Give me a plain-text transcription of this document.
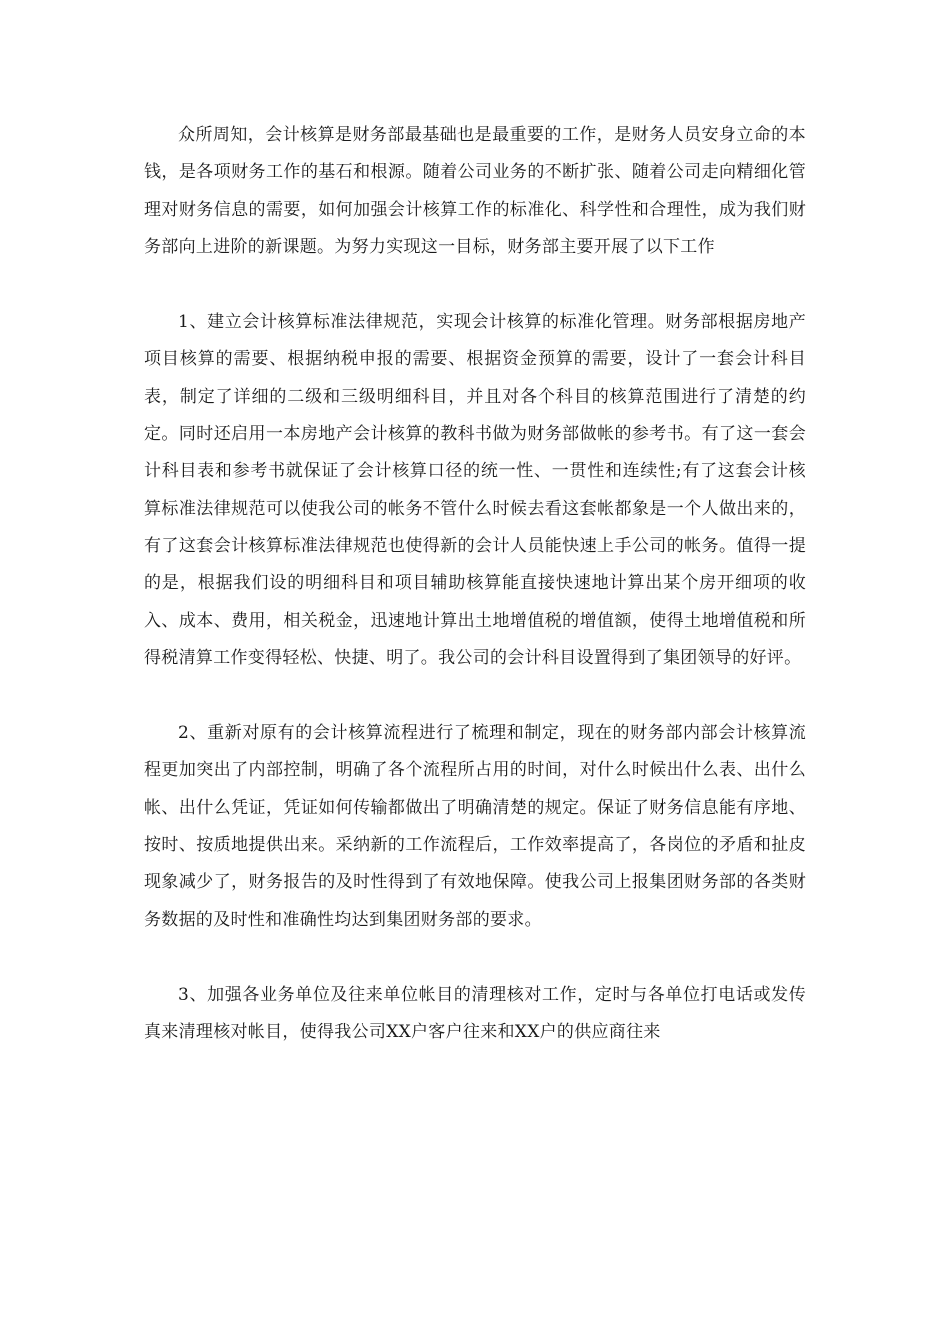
众所周知，会计核算是财务部最基础也是最重要的工作，是财务人员安身立命的本钱，是各项财务工作的基石和根源。随着公司业务的不断扩张、随着公司走向精细化管理对财务信息的需要，如何加强会计核算工作的标准化、科学性和合理性，成为我们财务部向上进阶的新课题。为努力实现这一目标，财务部主要开展了以下工作

1、建立会计核算标准法律规范，实现会计核算的标准化管理。财务部根据房地产项目核算的需要、根据纳税申报的需要、根据资金预算的需要，设计了一套会计科目表，制定了详细的二级和三级明细科目，并且对各个科目的核算范围进行了清楚的约定。同时还启用一本房地产会计核算的教科书做为财务部做帐的参考书。有了这一套会计科目表和参考书就保证了会计核算口径的统一性、一贯性和连续性;有了这套会计核算标准法律规范可以使我公司的帐务不管什么时候去看这套帐都象是一个人做出来的，有了这套会计核算标准法律规范也使得新的会计人员能快速上手公司的帐务。值得一提的是，根据我们设的明细科目和项目辅助核算能直接快速地计算出某个房开细项的收入、成本、费用，相关税金，迅速地计算出土地增值税的增值额，使得土地增值税和所得税清算工作变得轻松、快捷、明了。我公司的会计科目设置得到了集团领导的好评。

2、重新对原有的会计核算流程进行了梳理和制定，现在的财务部内部会计核算流程更加突出了内部控制，明确了各个流程所占用的时间，对什么时候出什么表、出什么帐、出什么凭证，凭证如何传输都做出了明确清楚的规定。保证了财务信息能有序地、按时、按质地提供出来。采纳新的工作流程后，工作效率提高了，各岗位的矛盾和扯皮现象减少了，财务报告的及时性得到了有效地保障。使我公司上报集团财务部的各类财务数据的及时性和准确性均达到集团财务部的要求。

3、加强各业务单位及往来单位帐目的清理核对工作，定时与各单位打电话或发传真来清理核对帐目，使得我公司XX户客户往来和XX户的供应商往来
